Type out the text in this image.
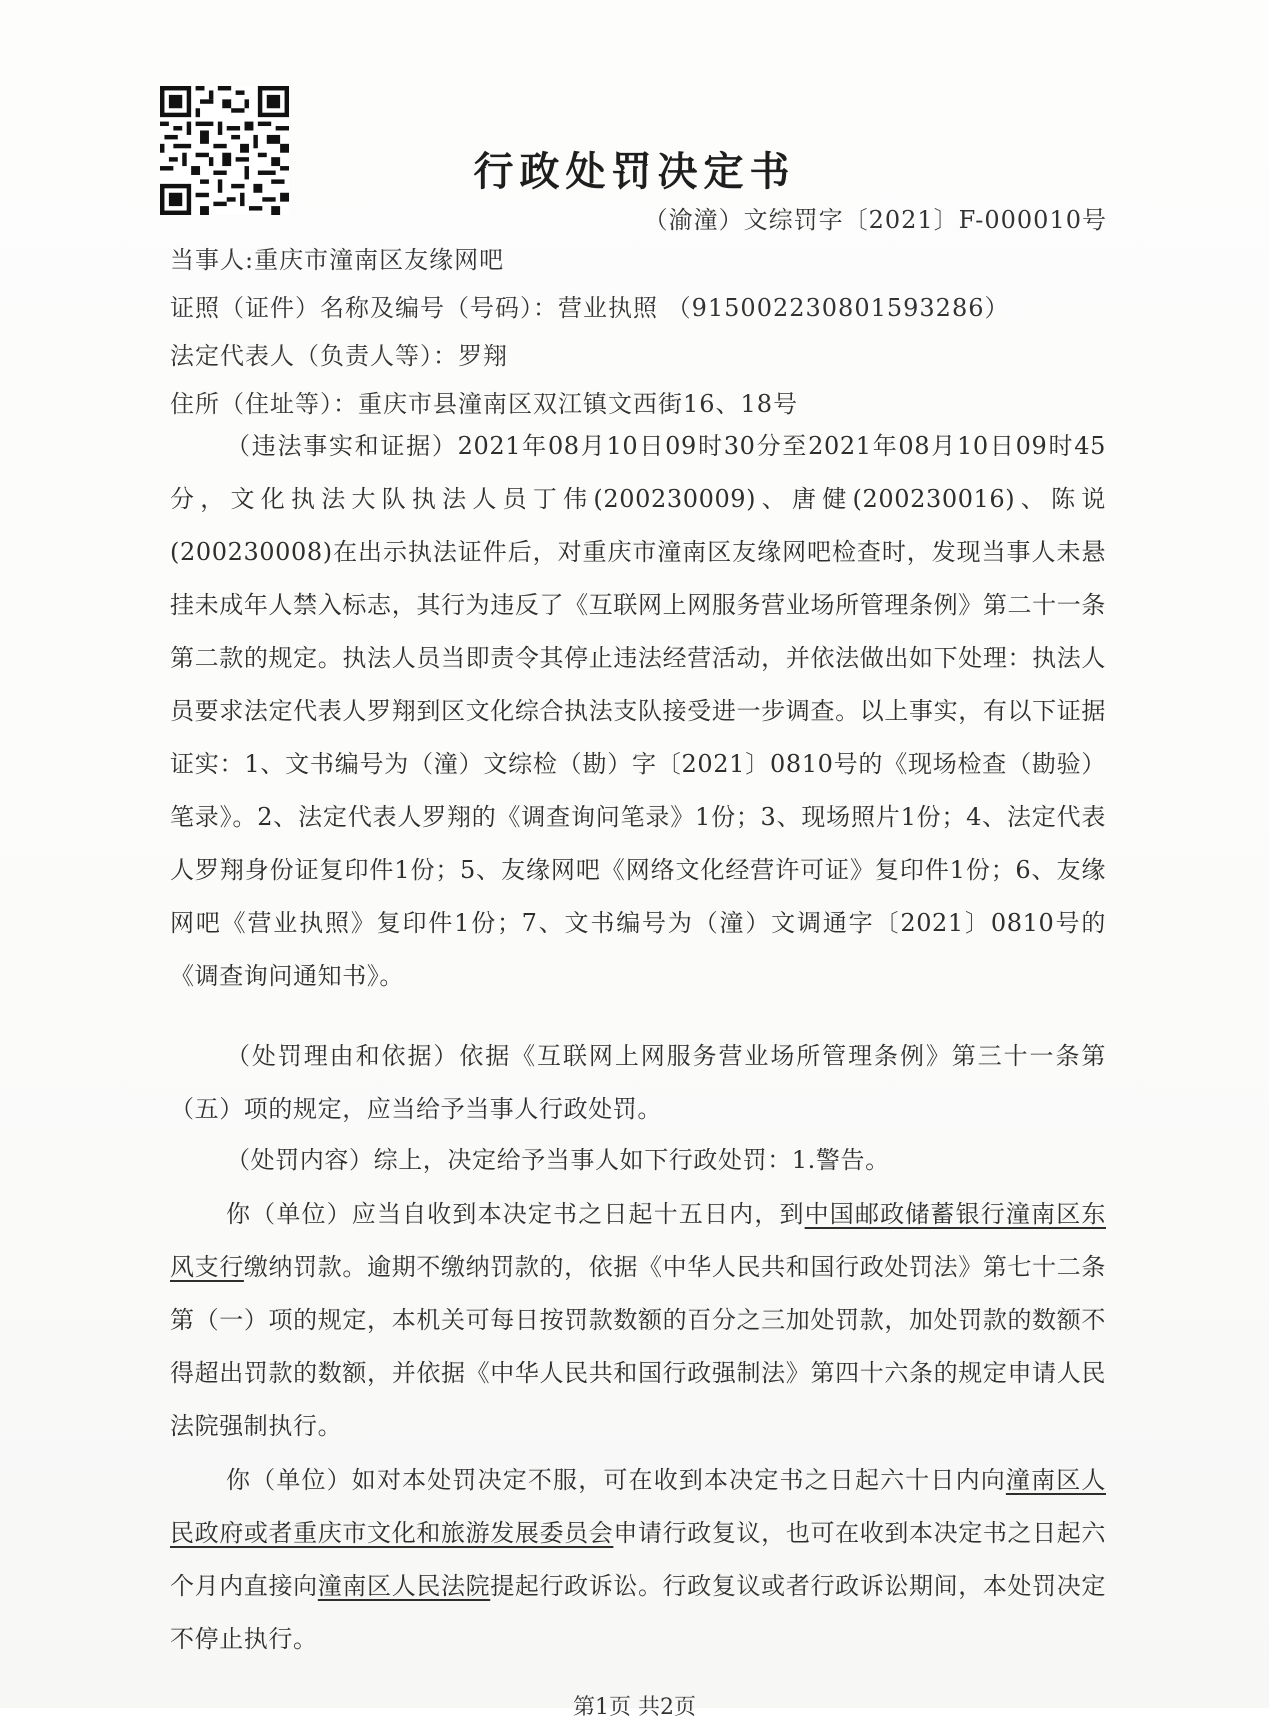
行政处罚决定书
（渝潼）文综罚字〔2021〕F-000010号
当事人:重庆市潼南区友缘网吧
证照（证件）名称及编号（号码）：营业执照 （915002230801593286）
法定代表人（负责人等）：罗翔
住所（住址等）：重庆市县潼南区双江镇文西街16、18号

（违法事实和证据）2021年08月10日09时30分至2021年08月10日09时45分，文化执法大队执法人员丁伟(200230009)、唐健(200230016)、陈说(200230008)在出示执法证件后，对重庆市潼南区友缘网吧检查时，发现当事人未悬挂未成年人禁入标志，其行为违反了《互联网上网服务营业场所管理条例》第二十一条第二款的规定。执法人员当即责令其停止违法经营活动，并依法做出如下处理：执法人员要求法定代表人罗翔到区文化综合执法支队接受进一步调查。以上事实，有以下证据证实：1、文书编号为（潼）文综检（勘）字〔2021〕0810号的《现场检查（勘验）笔录》。2、法定代表人罗翔的《调查询问笔录》1份；3、现场照片1份；4、法定代表人罗翔身份证复印件1份；5、友缘网吧《网络文化经营许可证》复印件1份；6、友缘网吧《营业执照》复印件1份；7、文书编号为（潼）文调通字〔2021〕0810号的《调查询问通知书》。

（处罚理由和依据）依据《互联网上网服务营业场所管理条例》第三十一条第（五）项的规定，应当给予当事人行政处罚。

（处罚内容）综上，决定给予当事人如下行政处罚：1.警告。

你（单位）应当自收到本决定书之日起十五日内，到中国邮政储蓄银行潼南区东风支行缴纳罚款。逾期不缴纳罚款的，依据《中华人民共和国行政处罚法》第七十二条第（一）项的规定，本机关可每日按罚款数额的百分之三加处罚款，加处罚款的数额不得超出罚款的数额，并依据《中华人民共和国行政强制法》第四十六条的规定申请人民法院强制执行。

你（单位）如对本处罚决定不服，可在收到本决定书之日起六十日内向潼南区人民政府或者重庆市文化和旅游发展委员会申请行政复议，也可在收到本决定书之日起六个月内直接向潼南区人民法院提起行政诉讼。行政复议或者行政诉讼期间，本处罚决定不停止执行。

第1页 共2页
